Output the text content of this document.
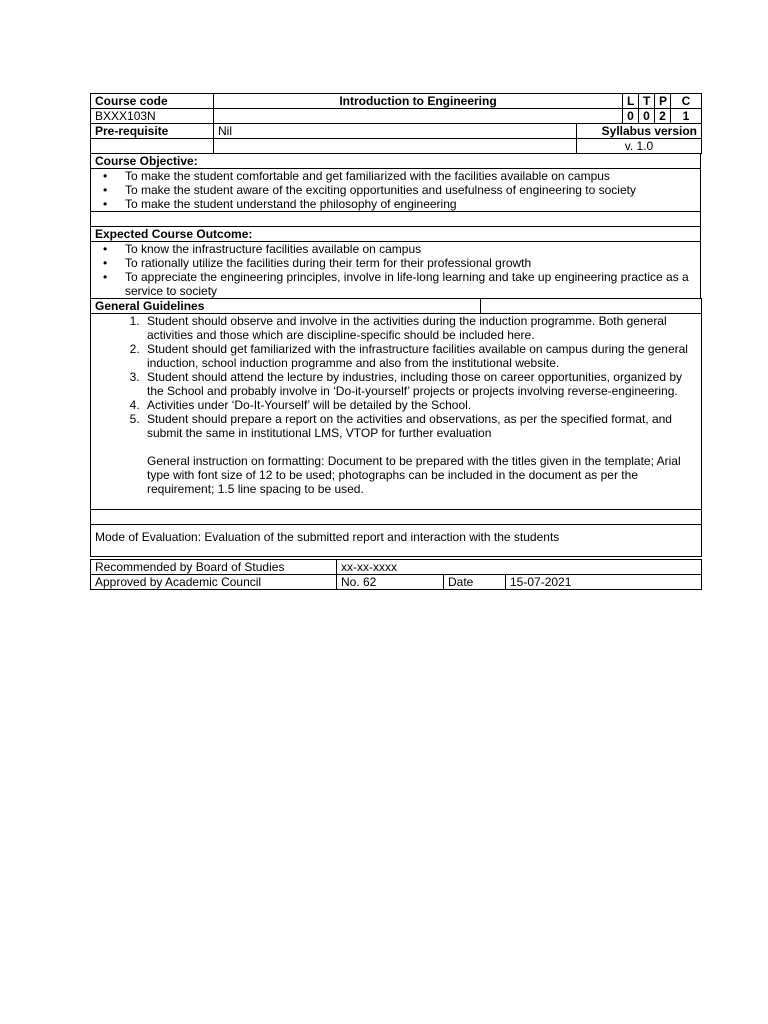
Course code	Introduction to Engineering		L	T	P	C
BXXX103N			0	0	2	1
Pre-requisite	Nil	Syllabus version				
		v. 1.0				
Course Objective:

• To make the student comfortable and get familiarized with the facilities available on campus
• To make the student aware of the exciting opportunities and usefulness of engineering to society
• To make the student understand the philosophy of engineering

Expected Course Outcome:

• To know the infrastructure facilities available on campus
• To rationally utilize the facilities during their term for their professional growth
• To appreciate the engineering principles, involve in life-long learning and take up engineering practice as a service to society
General Guidelines	

1. Student should observe and involve in the activities during the induction programme. Both general activities and those which are discipline-specific should be included here.
2. Student should get familiarized with the infrastructure facilities available on campus during the general induction, school induction programme and also from the institutional website.
3. Student should attend the lecture by industries, including those on career opportunities, organized by the School and probably involve in ‘Do-it-yourself’ projects or projects involving reverse-engineering.
4. Activities under ‘Do-It-Yourself’ will be detailed by the School.
5. Student should prepare a report on the activities and observations, as per the specified format, and submit the same in institutional LMS, VTOP for further evaluation
General instruction on formatting: Document to be prepared with the titles given in the template; Arial type with font size of 12 to be used; photographs can be included in the document as per the requirement; 1.5 line spacing to be used.

Mode of Evaluation: Evaluation of the submitted report and interaction with the students
Recommended by Board of Studies	xx-xx-xxxx		
Approved by Academic Council	No. 62	Date	15-07-2021
